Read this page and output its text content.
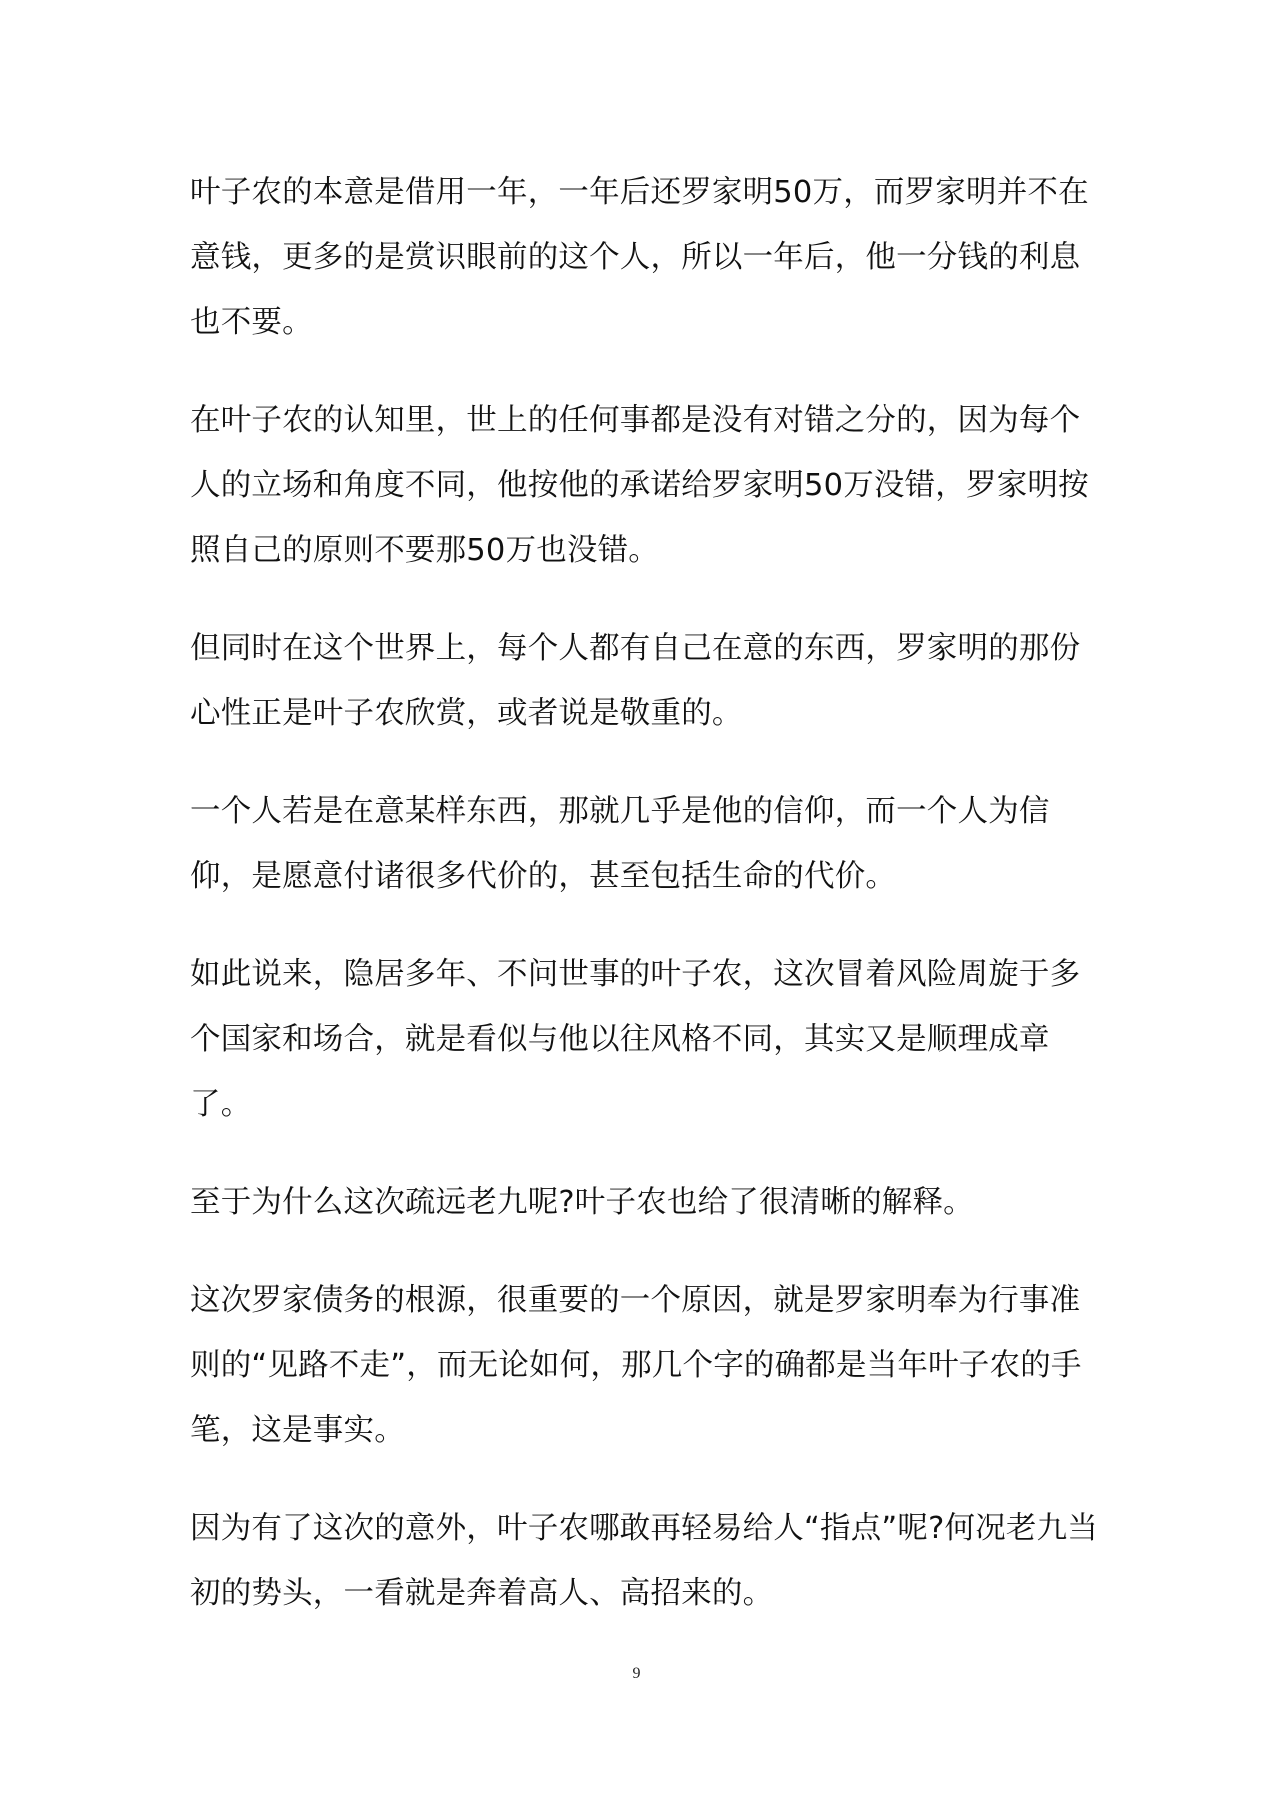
叶子农的本意是借用一年，一年后还罗家明50万，而罗家明并不在意钱，更多的是赏识眼前的这个人，所以一年后，他一分钱的利息也不要。

在叶子农的认知里，世上的任何事都是没有对错之分的，因为每个人的立场和角度不同，他按他的承诺给罗家明50万没错，罗家明按照自己的原则不要那50万也没错。

但同时在这个世界上，每个人都有自己在意的东西，罗家明的那份心性正是叶子农欣赏，或者说是敬重的。

一个人若是在意某样东西，那就几乎是他的信仰，而一个人为信仰，是愿意付诸很多代价的，甚至包括生命的代价。

如此说来，隐居多年、不问世事的叶子农，这次冒着风险周旋于多个国家和场合，就是看似与他以往风格不同，其实又是顺理成章了。

至于为什么这次疏远老九呢?叶子农也给了很清晰的解释。

这次罗家债务的根源，很重要的一个原因，就是罗家明奉为行事准则的“见路不走”，而无论如何，那几个字的确都是当年叶子农的手笔，这是事实。

因为有了这次的意外，叶子农哪敢再轻易给人“指点”呢?何况老九当初的势头，一看就是奔着高人、高招来的。

9
